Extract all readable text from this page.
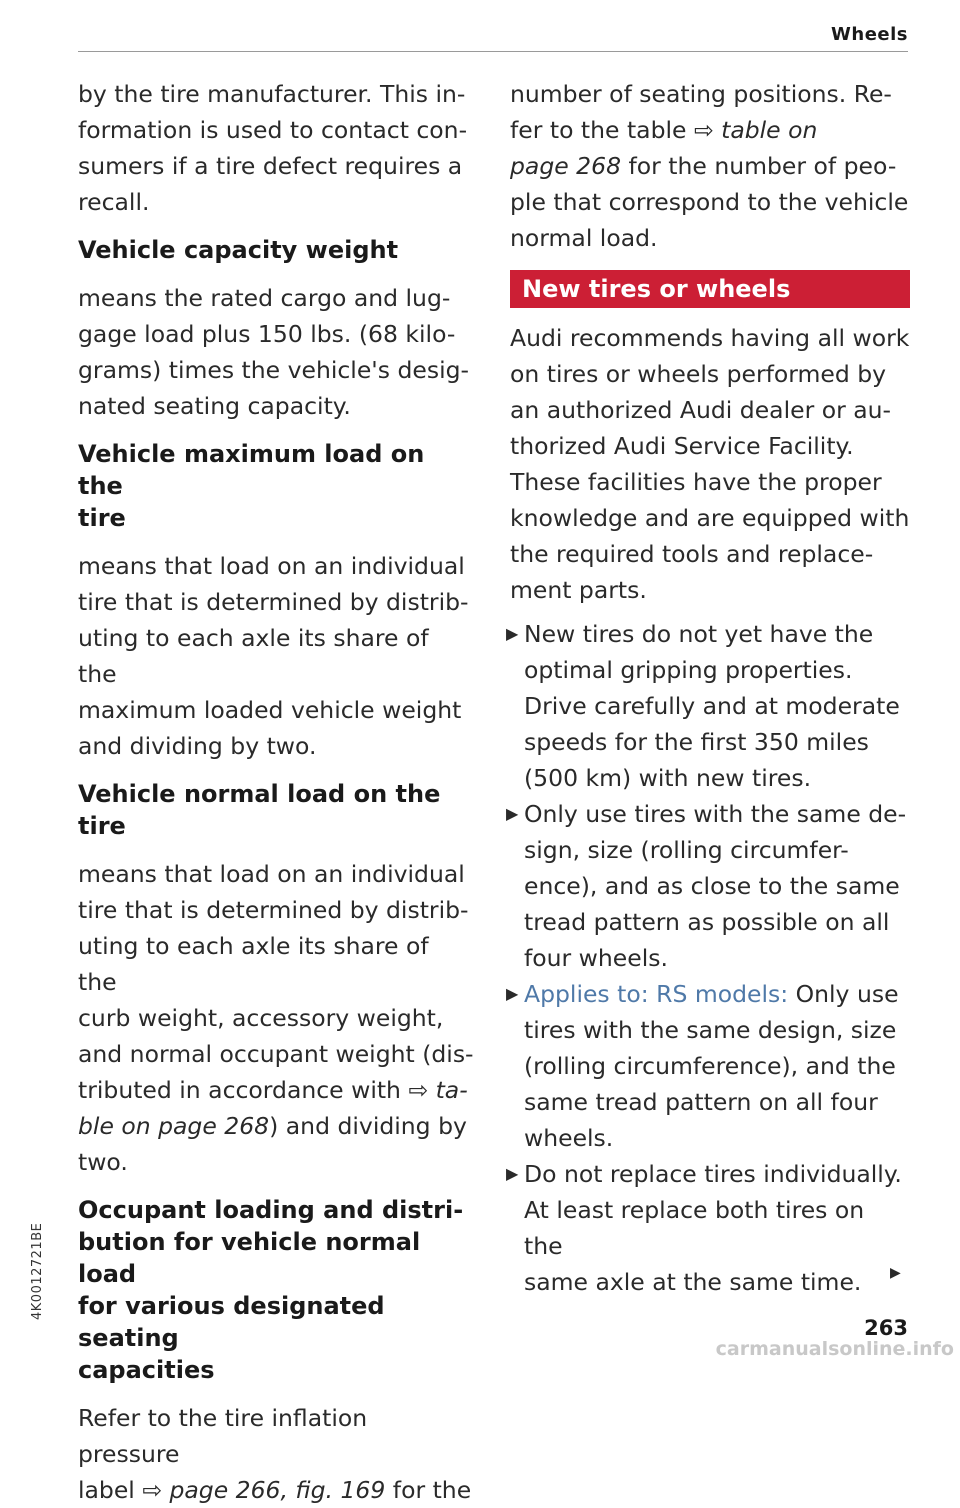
Wheels

by the tire manufacturer. This in-
formation is used to contact con-
sumers if a tire defect requires a
recall.

Vehicle capacity weight

means the rated cargo and lug-
gage load plus 150 lbs. (68 kilo-
grams) times the vehicle's desig-
nated seating capacity.

Vehicle maximum load on the
tire

means that load on an individual
tire that is determined by distrib-
uting to each axle its share of the
maximum loaded vehicle weight
and dividing by two.

Vehicle normal load on the tire

means that load on an individual
tire that is determined by distrib-
uting to each axle its share of the
curb weight, accessory weight,
and normal occupant weight (dis-
tributed in accordance with ⇨ ta-
ble on page 268) and dividing by
two.

Occupant loading and distri-
bution for vehicle normal load
for various designated seating
capacities

Refer to the tire inflation pressure
label ⇨ page 266, fig. 169 for the

number of seating positions. Re-
fer to the table ⇨ table on
page 268 for the number of peo-
ple that correspond to the vehicle
normal load.

New tires or wheels

Audi recommends having all work
on tires or wheels performed by
an authorized Audi dealer or au-
thorized Audi Service Facility.
These facilities have the proper
knowledge and are equipped with
the required tools and replace-
ment parts.

▶ New tires do not yet have the
optimal gripping properties.
Drive carefully and at moderate
speeds for the first 350 miles
(500 km) with new tires.

▶ Only use tires with the same de-
sign, size (rolling circumfer-
ence), and as close to the same
tread pattern as possible on all
four wheels.

▶ Applies to: RS models: Only use
tires with the same design, size
(rolling circumference), and the
same tread pattern on all four
wheels.

▶ Do not replace tires individually.
At least replace both tires on the
same axle at the same time.	▶
263
4K0012721BE
carmanualsonline.info
